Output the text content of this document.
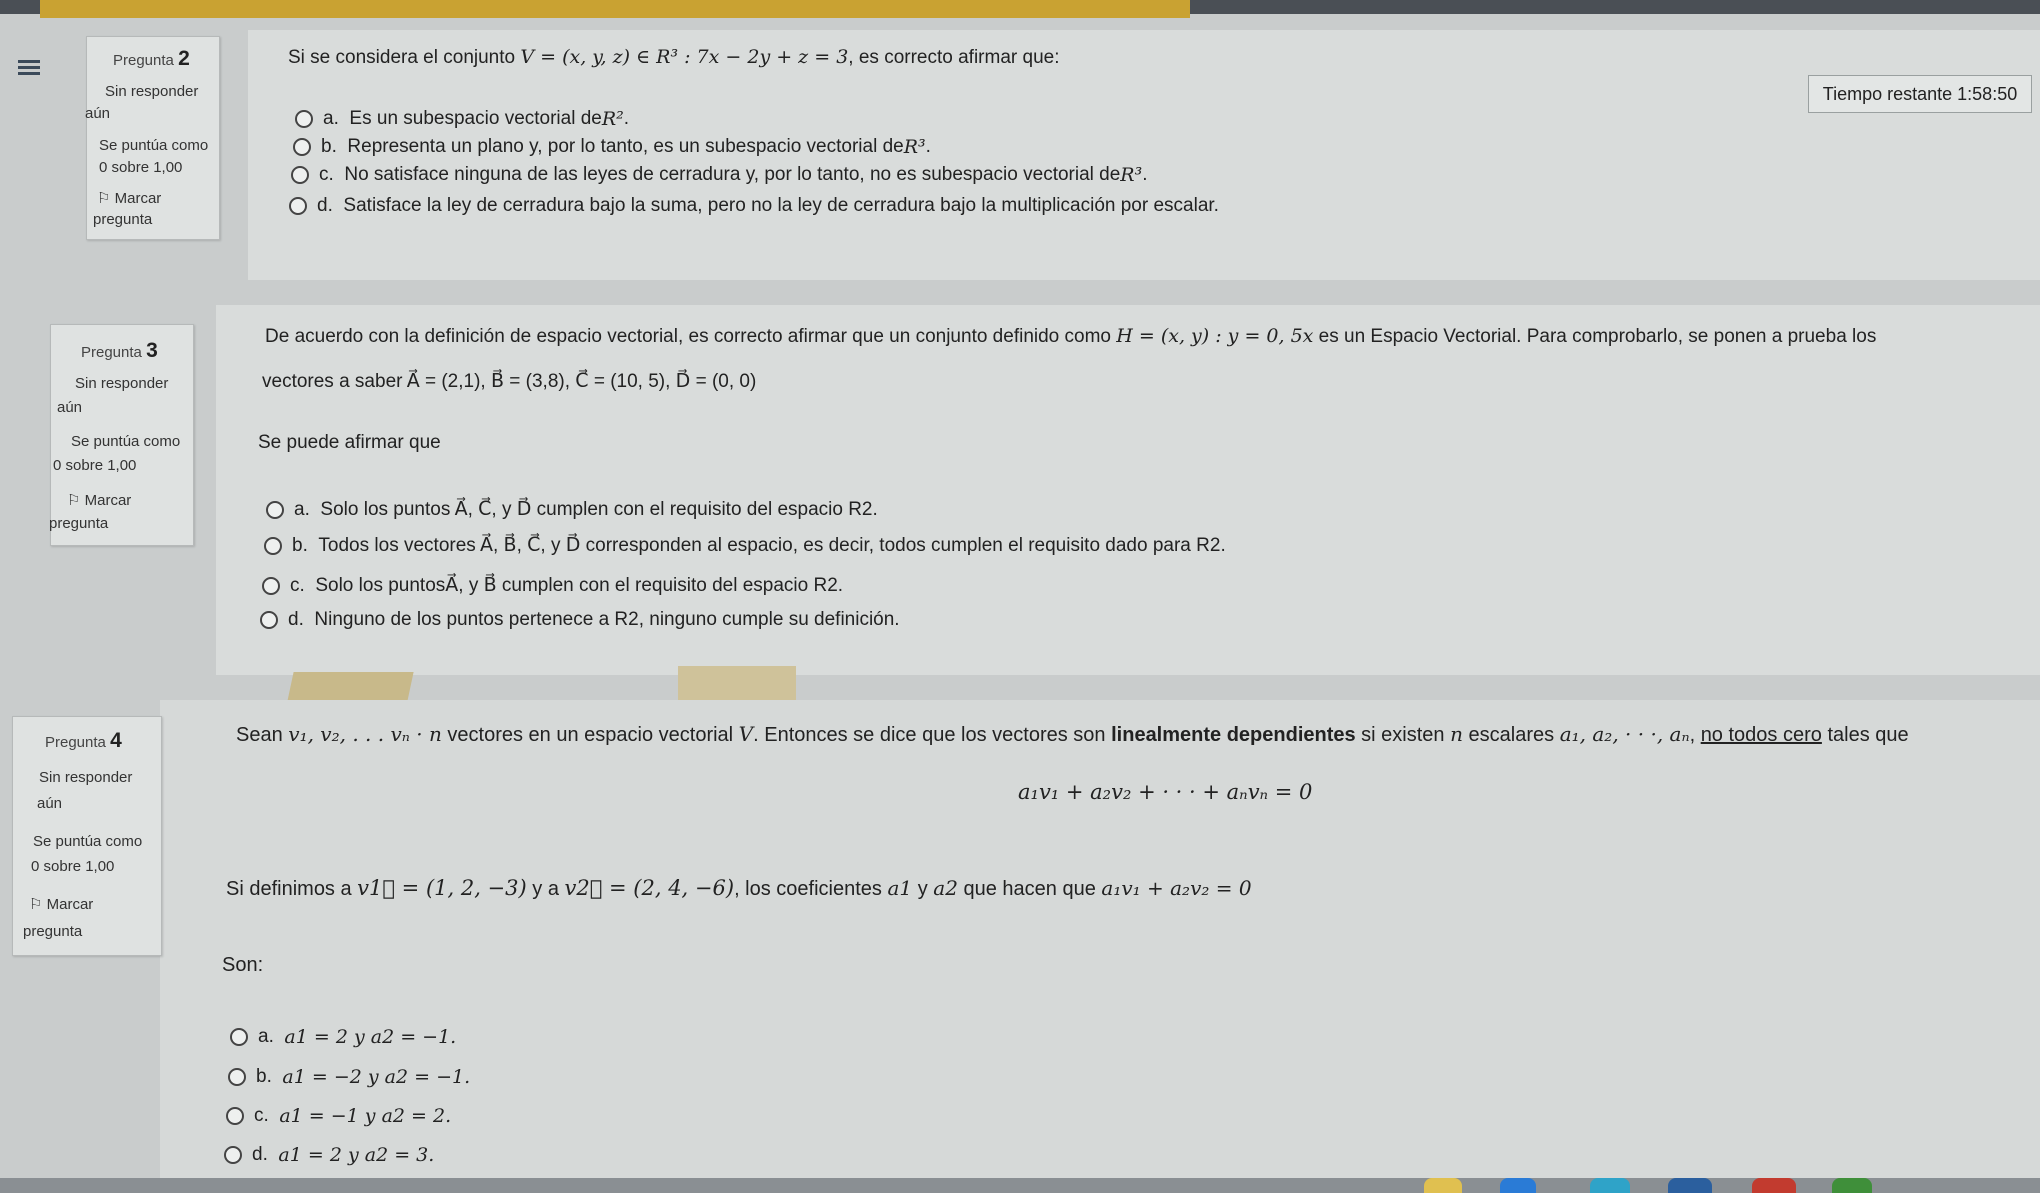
Pregunta 2
Sin responder
aún
Se puntúa como
0 sobre 1,00
⚐ Marcar
pregunta
Si se considera el conjunto V = (x, y, z) ∈ R³ : 7x − 2y + z = 3, es correcto afirmar que:
Tiempo restante 1:58:50
a.
Es un subespacio vectorial de R² .
b.
Representa un plano y, por lo tanto, es un subespacio vectorial de R³ .
c.
No satisface ninguna de las leyes de cerradura y, por lo tanto, no es subespacio vectorial de R³ .
d.
Satisface la ley de cerradura bajo la suma, pero no la ley de cerradura bajo la multiplicación por escalar.
Pregunta 3
Sin responder
aún
Se puntúa como
0 sobre 1,00
⚐ Marcar
pregunta
De acuerdo con la definición de espacio vectorial, es correcto afirmar que un conjunto definido como H = (x, y) : y = 0, 5x es un Espacio Vectorial. Para comprobarlo, se ponen a prueba los
vectores a saber A⃗ = (2,1), B⃗ = (3,8), C⃗ = (10, 5), D⃗ = (0, 0)
Se puede afirmar que
a.
Solo los puntos A⃗, C⃗, y D⃗ cumplen con el requisito del espacio R2.
b.
Todos los vectores A⃗, B⃗, C⃗, y D⃗ corresponden al espacio, es decir, todos cumplen el requisito dado para R2.
c.
Solo los puntosA⃗, y B⃗ cumplen con el requisito del espacio R2.
d.
Ninguno de los puntos pertenece a R2, ninguno cumple su definición.
Pregunta 4
Sin responder
aún
Se puntúa como
0 sobre 1,00
⚐ Marcar
pregunta
Sean v₁, v₂, . . . vₙ · n vectores en un espacio vectorial V. Entonces se dice que los vectores son linealmente dependientes si existen n escalares a₁, a₂, · · ·, aₙ, no todos cero tales que
a₁v₁ + a₂v₂ + · · · + aₙvₙ = 0
Si definimos a v1⃗ = (1, 2, −3) y a v2⃗ = (2, 4, −6), los coeficientes a1 y a2 que hacen que a₁v₁ + a₂v₂ = 0
Son:
a.
a1 = 2 y a2 = −1.
b.
a1 = −2 y a2 = −1.
c.
a1 = −1 y a2 = 2.
d.
a1 = 2 y a2 = 3.
